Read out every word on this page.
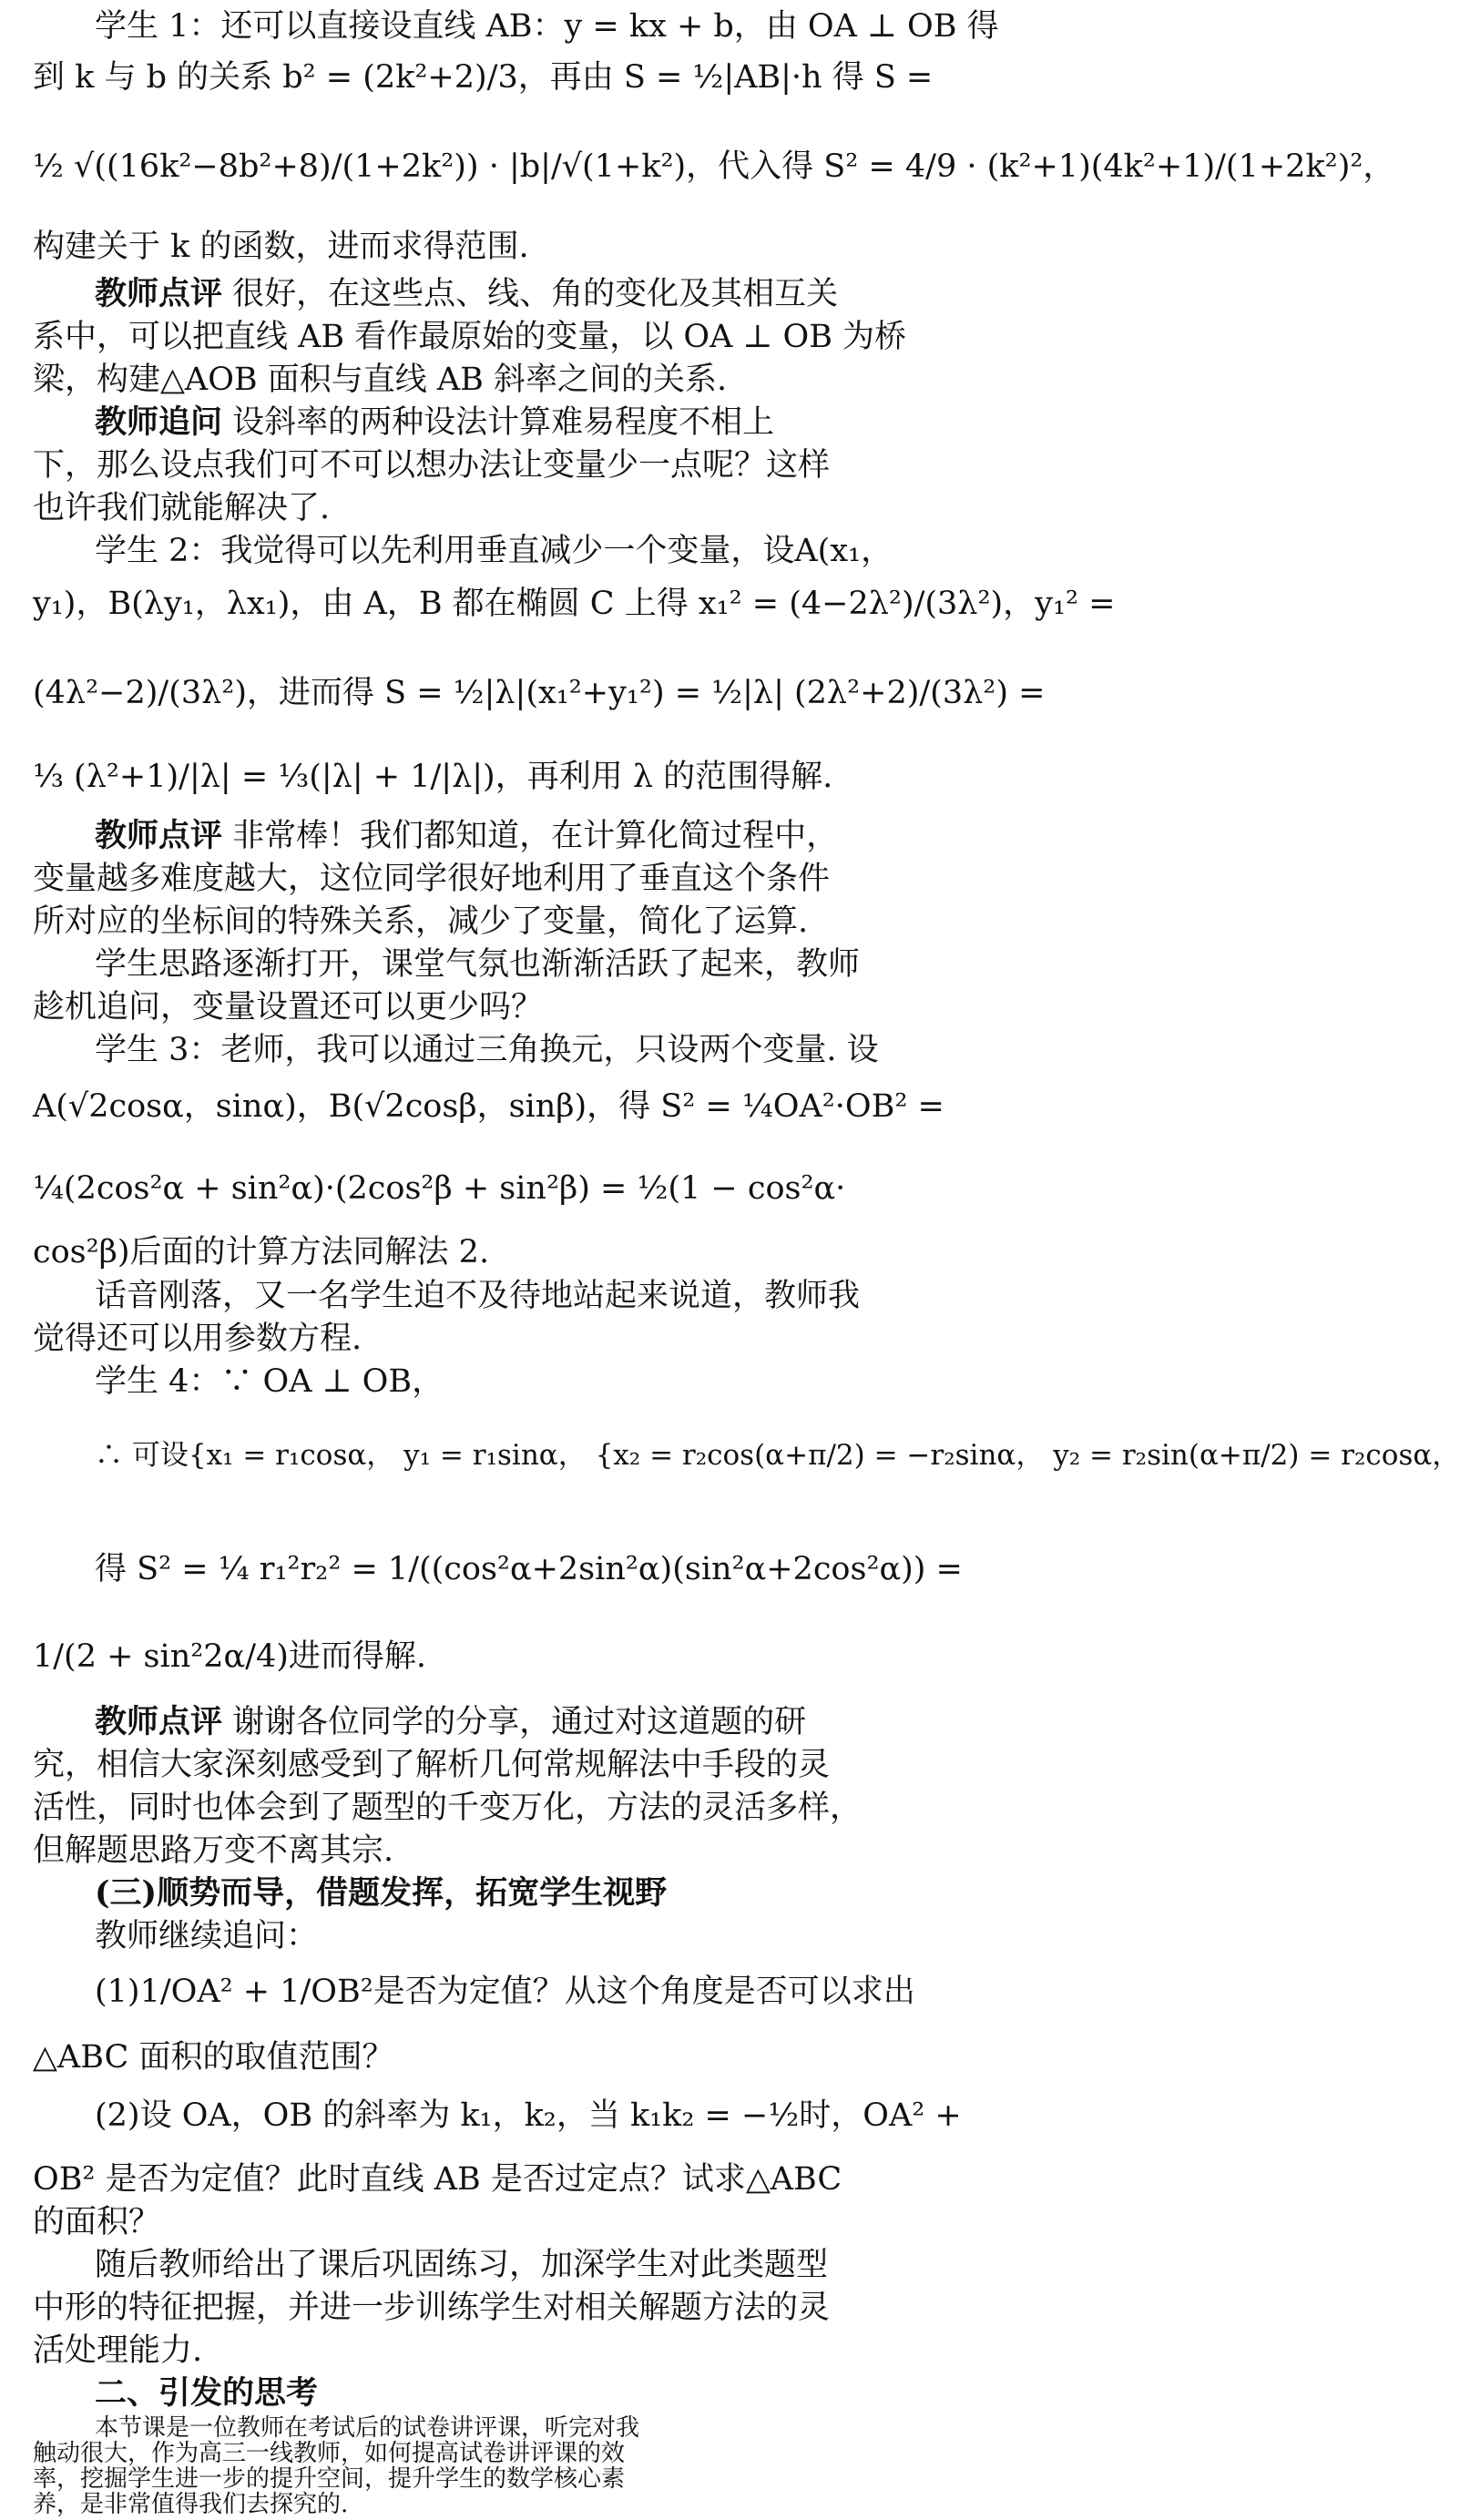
学生 1：还可以直接设直线 AB：y = kx + b，由 OA ⊥ OB 得
到 k 与 b 的关系 b² = (2k²+2)/3，再由 S = ½|AB|·h 得 S =
½ √((16k²−8b²+8)/(1+2k²)) · |b|/√(1+k²)，代入得 S² = 4/9 · (k²+1)(4k²+1)/(1+2k²)²，
构建关于 k 的函数，进而求得范围.
教师点评 很好，在这些点、线、角的变化及其相互关
系中，可以把直线 AB 看作最原始的变量，以 OA ⊥ OB 为桥
梁，构建△AOB 面积与直线 AB 斜率之间的关系.
教师追问 设斜率的两种设法计算难易程度不相上
下，那么设点我们可不可以想办法让变量少一点呢？这样
也许我们就能解决了.
学生 2：我觉得可以先利用垂直减少一个变量，设A(x₁，
y₁)，B(λy₁，λx₁)，由 A，B 都在椭圆 C 上得 x₁² = (4−2λ²)/(3λ²)，y₁² =
(4λ²−2)/(3λ²)，进而得 S = ½|λ|(x₁²+y₁²) = ½|λ| (2λ²+2)/(3λ²) =
⅓ (λ²+1)/|λ| = ⅓(|λ| + 1/|λ|)，再利用 λ 的范围得解.
教师点评 非常棒！我们都知道，在计算化简过程中，
变量越多难度越大，这位同学很好地利用了垂直这个条件
所对应的坐标间的特殊关系，减少了变量，简化了运算.
学生思路逐渐打开，课堂气氛也渐渐活跃了起来，教师
趁机追问，变量设置还可以更少吗？
学生 3：老师，我可以通过三角换元，只设两个变量. 设
A(√2cosα，sinα)，B(√2cosβ，sinβ)，得 S² = ¼OA²·OB² =
¼(2cos²α + sin²α)·(2cos²β + sin²β) = ½(1 − cos²α·
cos²β)后面的计算方法同解法 2.
话音刚落，又一名学生迫不及待地站起来说道，教师我
觉得还可以用参数方程.
学生 4：∵ OA ⊥ OB，
∴ 可设{x₁ = r₁cosα， y₁ = r₁sinα， {x₂ = r₂cos(α+π/2) = −r₂sinα， y₂ = r₂sin(α+π/2) = r₂cosα，
得 S² = ¼ r₁²r₂² = 1/((cos²α+2sin²α)(sin²α+2cos²α)) =
1/(2 + sin²2α/4)进而得解.
教师点评 谢谢各位同学的分享，通过对这道题的研
究，相信大家深刻感受到了解析几何常规解法中手段的灵
活性，同时也体会到了题型的千变万化，方法的灵活多样，
但解题思路万变不离其宗.
(三)顺势而导，借题发挥，拓宽学生视野
教师继续追问：
(1)1/OA² + 1/OB²是否为定值？从这个角度是否可以求出
△ABC 面积的取值范围？
(2)设 OA，OB 的斜率为 k₁，k₂，当 k₁k₂ = −½时，OA² +
OB² 是否为定值？此时直线 AB 是否过定点？试求△ABC
的面积？
随后教师给出了课后巩固练习，加深学生对此类题型
中形的特征把握，并进一步训练学生对相关解题方法的灵
活处理能力.
二、引发的思考
本节课是一位教师在考试后的试卷讲评课，听完对我
触动很大，作为高三一线教师，如何提高试卷讲评课的效
率，挖掘学生进一步的提升空间，提升学生的数学核心素
养，是非常值得我们去探究的.
